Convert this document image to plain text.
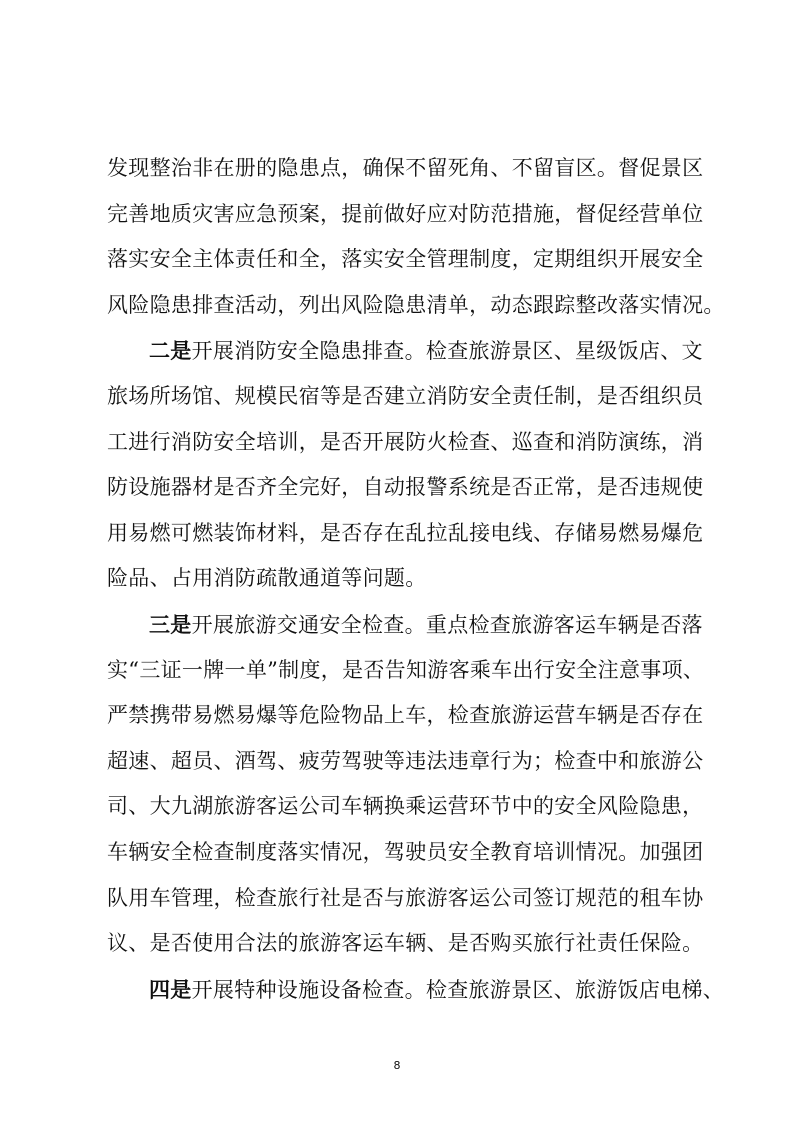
发现整治非在册的隐患点，确保不留死角、不留盲区。督促景区
完善地质灾害应急预案，提前做好应对防范措施，督促经营单位
落实安全主体责任和全，落实安全管理制度，定期组织开展安全
风险隐患排查活动，列出风险隐患清单，动态跟踪整改落实情况。
二是开展消防安全隐患排查。检查旅游景区、星级饭店、文
旅场所场馆、规模民宿等是否建立消防安全责任制，是否组织员
工进行消防安全培训，是否开展防火检查、巡查和消防演练，消
防设施器材是否齐全完好，自动报警系统是否正常，是否违规使
用易燃可燃装饰材料，是否存在乱拉乱接电线、存储易燃易爆危
险品、占用消防疏散通道等问题。
三是开展旅游交通安全检查。重点检查旅游客运车辆是否落
实“三证一牌一单”制度，是否告知游客乘车出行安全注意事项、
严禁携带易燃易爆等危险物品上车，检查旅游运营车辆是否存在
超速、超员、酒驾、疲劳驾驶等违法违章行为；检查中和旅游公
司、大九湖旅游客运公司车辆换乘运营环节中的安全风险隐患，
车辆安全检查制度落实情况，驾驶员安全教育培训情况。加强团
队用车管理，检查旅行社是否与旅游客运公司签订规范的租车协
议、是否使用合法的旅游客运车辆、是否购买旅行社责任保险。
四是开展特种设施设备检查。检查旅游景区、旅游饭店电梯、
8
